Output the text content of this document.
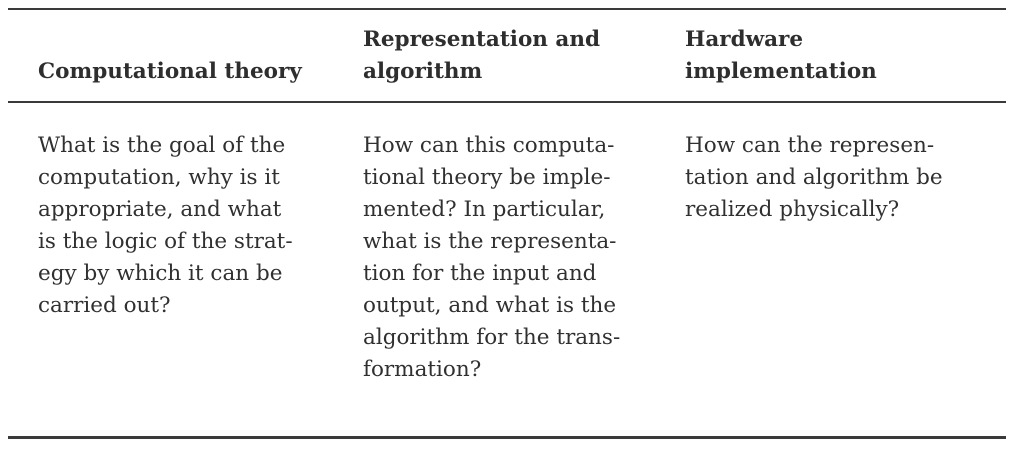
Computational theory
Representation and
algorithm
Hardware
implementation
What is the goal of the
computation, why is it
appropriate, and what
is the logic of the strat-
egy by which it can be
carried out?
How can this computa-
tional theory be imple-
mented? In particular,
what is the representa-
tion for the input and
output, and what is the
algorithm for the trans-
formation?
How can the represen-
tation and algorithm be
realized physically?
